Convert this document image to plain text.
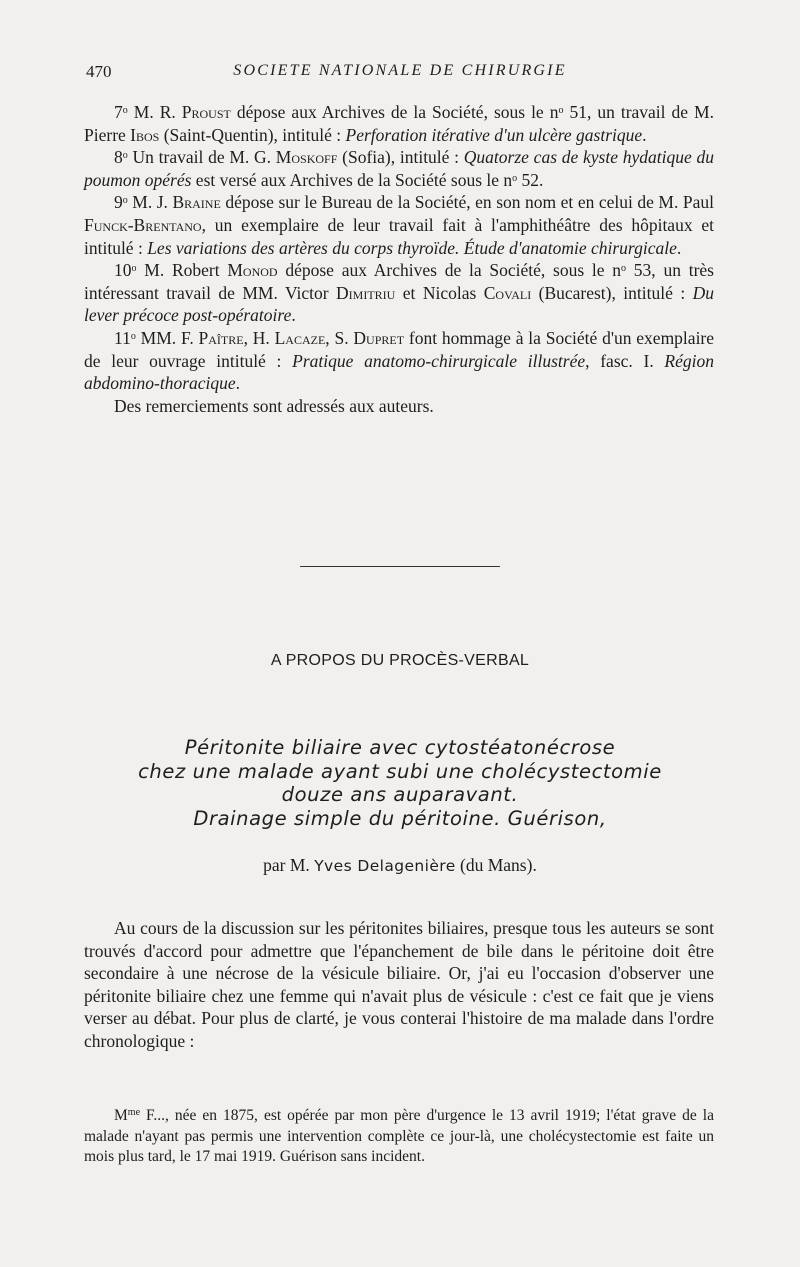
470	SOCIETE NATIONALE DE CHIRURGIE

7$^o$ M. R. Proust dépose aux Archives de la Société, sous le $n^o$ 51, un travail de M. Pierre Ibos (Saint-Quentin), intitulé : Perforation itérative d'un ulcère gastrique.

8$^o$ Un travail de M. G. Moskoff (Sofia), intitulé : Quatorze cas de kyste hydatique du poumon opérés est versé aux Archives de la Société sous le $n^o$ 52.

9$^o$ M. J. Braine dépose sur le Bureau de la Société, en son nom et en celui de M. Paul Funck-Brentano, un exemplaire de leur travail fait à l'amphithéâtre des hôpitaux et intitulé : Les variations des artères du corps thyroïde. Étude d'anatomie chirurgicale.

10$^o$ M. Robert Monod dépose aux Archives de la Société, sous le $n^o$ 53, un très intéressant travail de MM. Victor Dimitriu et Nicolas Covali (Bucarest), intitulé : Du lever précoce post-opératoire.

11$^o$ MM. F. Paître, H. Lacaze, S. Dupret font hommage à la Société d'un exemplaire de leur ouvrage intitulé : Pratique anatomo-chirurgicale illustrée, fasc. I. Région abdomino-thoracique.

Des remerciements sont adressés aux auteurs.

A PROPOS DU PROCÈS-VERBAL
Péritonite biliaire avec cytostéatonécrose
chez une malade ayant subi une cholécystectomie
douze ans auparavant.
Drainage simple du péritoine. Guérison,
par M. Yves Delagenière (du Mans).

Au cours de la discussion sur les péritonites biliaires, presque tous les auteurs se sont trouvés d'accord pour admettre que l'épanchement de bile dans le péritoine doit être secondaire à une nécrose de la vésicule biliaire. Or, j'ai eu l'occasion d'observer une péritonite biliaire chez une femme qui n'avait plus de vésicule : c'est ce fait que je viens verser au débat. Pour plus de clarté, je vous conterai l'histoire de ma malade dans l'ordre chronologique :

$M^{me}$ F..., née en 1875, est opérée par mon père d'urgence le 13 avril 1919; l'état grave de la malade n'ayant pas permis une intervention complète ce jour-là, une cholécystectomie est faite un mois plus tard, le 17 mai 1919. Guérison sans incident.
